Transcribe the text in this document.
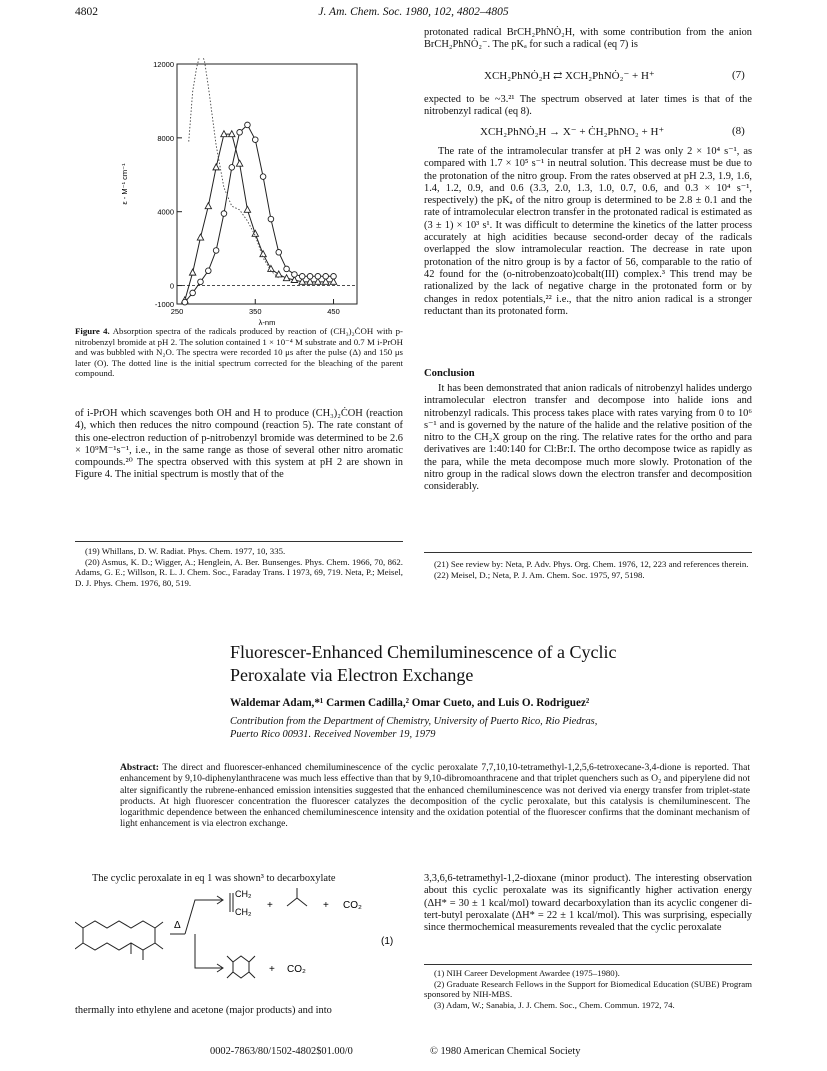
4802	J. Am. Chem. Soc. 1980, 102, 4802–4805
12000
8000
4000
0
-1000
250	350	450
λ-nm
ε - M⁻¹ cm⁻¹
Figure 4. Absorption spectra of the radicals produced by reaction of (CH₃)₂ĊOH with p-nitrobenzyl bromide at pH 2. The solution contained 1 × 10⁻⁴ M substrate and 0.7 M i-PrOH and was bubbled with N₂O. The spectra were recorded 10 μs after the pulse (Δ) and 150 μs later (O). The dotted line is the initial spectrum corrected for the bleaching of the parent compound.
of i-PrOH which scavenges both OH and H to produce (CH₃)₂ĊOH (reaction 4), which then reduces the nitro compound (reaction 5). The rate constant of this one-electron reduction of p-nitrobenzyl bromide was determined to be 2.6 × 10⁹M⁻¹s⁻¹, i.e., in the same range as those of several other nitro aromatic compounds.²⁰ The spectra observed with this system at pH 2 are shown in Figure 4. The initial spectrum is mostly that of the
protonated radical BrCH₂PhNȮ₂H, with some contribution from the anion BrCH₂PhNȮ₂⁻. The pKₐ for such a radical (eq 7) is
XCH₂PhNȮ₂H ⇄ XCH₂PhNȮ₂⁻ + H⁺	(7)
expected to be ~3.²¹ The spectrum observed at later times is that of the nitrobenzyl radical (eq 8).
XCH₂PhNȮ₂H → X⁻ + ĊH₂PhNO₂ + H⁺	(8)
The rate of the intramolecular transfer at pH 2 was only 2 × 10⁴ s⁻¹, as compared with 1.7 × 10⁵ s⁻¹ in neutral solution. This decrease must be due to the protonation of the nitro group. From the rates observed at pH 2.3, 1.9, 1.6, 1.4, 1.2, 0.9, and 0.6 (3.3, 2.0, 1.3, 1.0, 0.7, 0.6, and 0.3 × 10⁴ s⁻¹, respectively) the pKₐ of the nitro group is determined to be 2.8 ± 0.1 and the rate of intramolecular electron transfer in the protonated radical is estimated as (3 ± 1) × 10³ s¹. It was difficult to determine the kinetics of the latter process accurately at high acidities because second-order decay of the radicals overlapped the slow intramolecular reaction. The decrease in rate upon protonation of the nitro group is by a factor of 56, comparable to the ratio of 42 found for the (o-nitrobenzoato)cobalt(III) complex.³ This trend may be rationalized by the lack of negative charge in the protonated form or by changes in redox potentials,²² i.e., that the nitro anion radical is a stronger reductant than its protonated form.
Conclusion
It has been demonstrated that anion radicals of nitrobenzyl halides undergo intramolecular electron transfer and decompose into halide ions and nitrobenzyl radicals. This process takes place with rates varying from 0 to 10⁶ s⁻¹ and is governed by the nature of the halide and the relative position of the nitro to the CH₂X group on the ring. The relative rates for the ortho and para derivatives are 1:40:140 for Cl:Br:I. The ortho decompose twice as rapidly as the para, while the meta decompose much more slowly. Protonation of the nitro group in the radical slows down the electron transfer and decomposition considerably.
(19) Whillans, D. W. Radiat. Phys. Chem. 1977, 10, 335.
(20) Asmus, K. D.; Wigger, A.; Henglein, A. Ber. Bunsenges. Phys. Chem. 1966, 70, 862. Adams, G. E.; Willson, R. L. J. Chem. Soc., Faraday Trans. I 1973, 69, 719. Neta, P.; Meisel, D. J. Phys. Chem. 1976, 80, 519.
(21) See review by: Neta, P. Adv. Phys. Org. Chem. 1976, 12, 223 and references therein.
(22) Meisel, D.; Neta, P. J. Am. Chem. Soc. 1975, 97, 5198.
Fluorescer-Enhanced Chemiluminescence of a Cyclic
Peroxalate via Electron Exchange
Waldemar Adam,*¹ Carmen Cadilla,² Omar Cueto, and Luis O. Rodriguez²
Contribution from the Department of Chemistry, University of Puerto Rico, Rio Piedras,
Puerto Rico 00931. Received November 19, 1979
Abstract: The direct and fluorescer-enhanced chemiluminescence of the cyclic peroxalate 7,7,10,10-tetramethyl-1,2,5,6-tetroxecane-3,4-dione is reported. That enhancement by 9,10-diphenylanthracene was much less effective than that by 9,10-dibromoanthracene and that triplet quenchers such as O₂ and piperylene did not alter significantly the rubrene-enhanced emission intensities suggested that the enhanced chemiluminescence was not derived via energy transfer from triplet-state products. At high fluorescer concentration the fluorescer catalyzes the decomposition of the cyclic peroxalate, but this catalysis is chemiluminescent. The logarithmic dependence between the enhanced chemiluminescence intensity and the oxidation potential of the fluorescer confirms that the dominant mechanism of light enhancement is via electron exchange.
The cyclic peroxalate in eq 1 was shown³ to decarboxylate
CH₂
CH₂
+	+ CO₂
Δ
+ CO₂
(1)
thermally into ethylene and acetone (major products) and into
3,3,6,6-tetramethyl-1,2-dioxane (minor product). The interesting observation about this cyclic peroxalate was its significantly higher activation energy (ΔH* = 30 ± 1 kcal/mol) toward decarboxylation than its acyclic congener di-tert-butyl peroxalate (ΔH* = 22 ± 1 kcal/mol). This was surprising, especially since thermochemical measurements revealed that the cyclic peroxalate
(1) NIH Career Development Awardee (1975–1980).
(2) Graduate Research Fellows in the Support for Biomedical Education (SUBE) Program sponsored by NIH-MBS.
(3) Adam, W.; Sanabia, J. J. Chem. Soc., Chem. Commun. 1972, 74.
0002-7863/80/1502-4802$01.00/0	© 1980 American Chemical Society
